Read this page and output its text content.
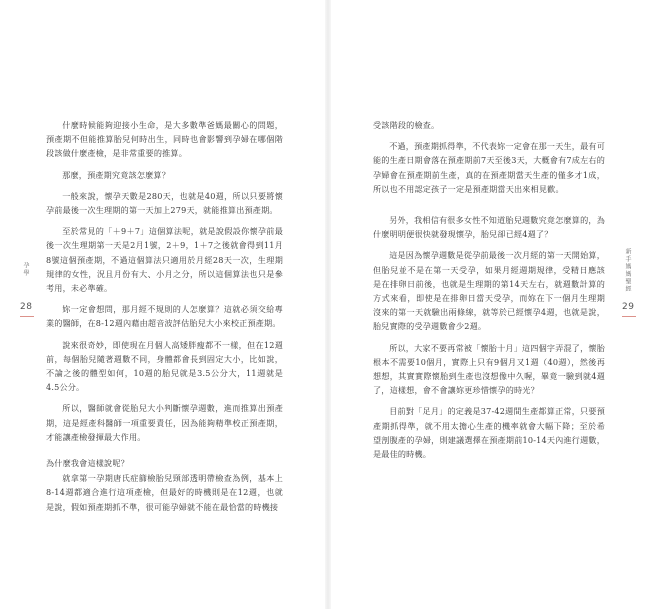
什麼時候能夠迎接小生命，是大多數準爸媽最關心的問題，預產期不但能推算胎兒何時出生，同時也會影響到孕婦在哪個階段該做什麼產檢，是非常重要的推算。

那麼，預產期究竟該怎麼算？

一般來說，懷孕天數是280天，也就是40週，所以只要將懷孕前最後一次生理期的第一天加上279天，就能推算出預產期。

至於常見的「＋9＋7」這個算法呢，就是說假設你懷孕前最後一次生理期第一天是2月1號，2＋9，1＋7之後就會得到11月8號這個預產期，不過這個算法只適用於月經28天一次，生理期規律的女性，況且月份有大、小月之分，所以這個算法也只是參考用，未必準確。

妳一定會想問，那月經不規則的人怎麼算？這就必須交給專業的醫師，在8-12週內藉由超音波評估胎兒大小來校正預產期。

說來很奇妙，即使現在月個人高矮胖瘦都不一樣，但在12週前，每個胎兒隨著週數不同，身體都會長到固定大小，比如說，不論之後的體型如何，10週的胎兒就是3.5公分大，11週就是4.5公分。

所以，醫師就會從胎兒大小判斷懷孕週數，進而推算出預產期，這是經產科醫師一項重要責任，因為能夠精準校正預產期，才能讓產檢發揮最大作用。

為什麼我會這樣說呢？

就拿第一孕期唐氏症篩檢胎兒頸部透明帶檢查為例，基本上8-14週都適合進行這項產檢，但最好的時機則是在12週，也就是說，假如預產期抓不準，很可能孕婦就不能在最恰當的時機接

孕學
28

受該階段的檢查。

不過，預產期抓得準，不代表妳一定會在那一天生，最有可能的生產日期會落在預產期前7天至後3天，大概會有7成左右的孕婦會在預產期前生產，真的在預產期當天生產的僅多才1成，所以也不用認定孩子一定是預產期當天出來相見歡。

另外，我相信有很多女性不知道胎兒週數究竟怎麼算的，為什麼明明便很快就發現懷孕，胎兒卻已經4週了？

這是因為懷孕週數是從孕前最後一次月經的第一天開始算，但胎兒並不是在第一天受孕，如果月經週期規律，受精日應該是在排卵日前後，也就是生理期的第14天左右，就週數計算的方式來看，即使是在排卵日當天受孕，而妳在下一個月生理期沒來的第一天就驗出兩條線，就等於已經懷孕4週，也就是說，胎兒實際的受孕週數會少2週。

所以，大家不要再常被「懷胎十月」這四個字弄混了，懷胎根本不需要10個月，實際上只有9個月又1週（40週），然後再想想，其實實際懷胎到生產也沒想像中久喔，畢竟一驗到就4週了，這樣想，會不會讓妳更珍惜懷孕的時光？

目前對「足月」的定義是37-42週間生產都算正常，只要預產期抓得準，就不用太擔心生產的機率就會大幅下降；至於希望剖腹產的孕婦，則建議選擇在預產期前10-14天內進行週數，是最佳的時機。

新手媽媽聖經
29
